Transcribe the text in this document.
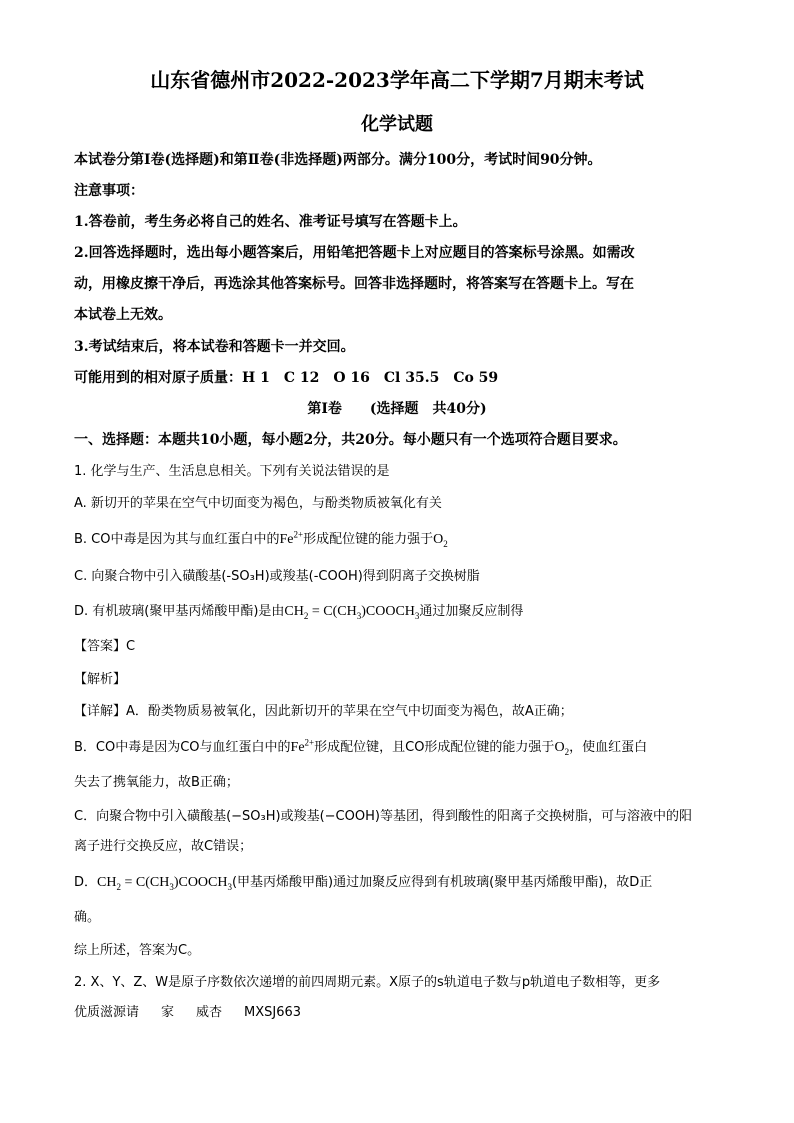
山东省德州市2022-2023学年高二下学期7月期末考试
化学试题
本试卷分第Ⅰ卷(选择题)和第Ⅱ卷(非选择题)两部分。满分100分，考试时间90分钟。
注意事项：
1.答卷前，考生务必将自己的姓名、准考证号填写在答题卡上。
2.回答选择题时，选出每小题答案后，用铅笔把答题卡上对应题目的答案标号涂黑。如需改
动，用橡皮擦干净后，再选涂其他答案标号。回答非选择题时，将答案写在答题卡上。写在
本试卷上无效。
3.考试结束后，将本试卷和答题卡一并交回。
可能用到的相对原子质量：H 1　C 12　O 16　Cl 35.5　Co 59
第Ⅰ卷　　(选择题　共40分)
一、选择题：本题共10小题，每小题2分，共20分。每小题只有一个选项符合题目要求。
1. 化学与生产、生活息息相关。下列有关说法错误的是
A. 新切开的苹果在空气中切面变为褐色，与酚类物质被氧化有关
B. CO中毒是因为其与血红蛋白中的$Fe^{2+}$形成配位键的能力强于$O_2$
C. 向聚合物中引入磺酸基(-SO₃H)或羧基(-COOH)得到阴离子交换树脂
D. 有机玻璃(聚甲基丙烯酸甲酯)是由$CH_2$ = $C(CH_3)COOCH_3$通过加聚反应制得
【答案】C
【解析】
【详解】A．酚类物质易被氧化，因此新切开的苹果在空气中切面变为褐色，故A正确；
B．CO中毒是因为CO与血红蛋白中的$Fe^{2+}$形成配位键，且CO形成配位键的能力强于$O_2$，使血红蛋白
失去了携氧能力，故B正确；
C．向聚合物中引入磺酸基(−SO₃H)或羧基(−COOH)等基团，得到酸性的阳离子交换树脂，可与溶液中的阳
离子进行交换反应，故C错误；
D．$CH_2$ = $C(CH_3)COOCH_3$(甲基丙烯酸甲酯)通过加聚反应得到有机玻璃(聚甲基丙烯酸甲酯)，故D正
确。
综上所述，答案为C。
2. X、Y、Z、W是原子序数依次递增的前四周期元素。X原子的s轨道电子数与p轨道电子数相等，更多
优质滋源请 家 威杏 MXSJ663
